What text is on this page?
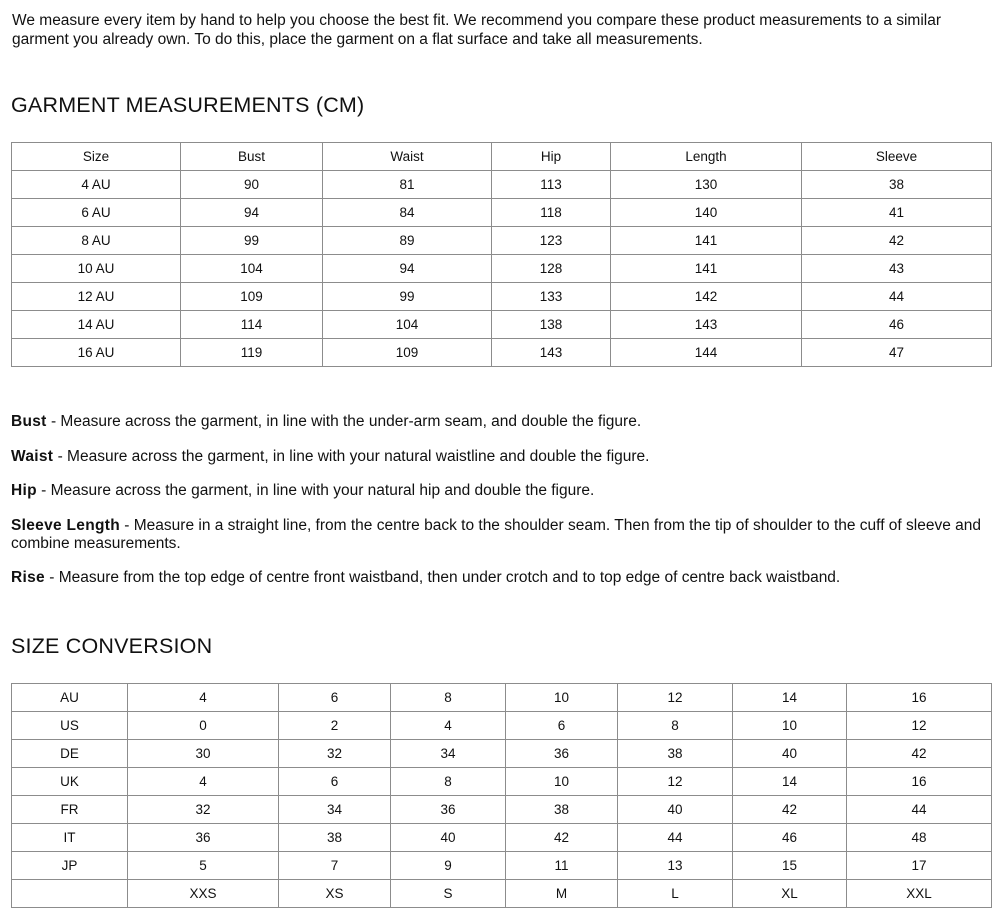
We measure every item by hand to help you choose the best fit. We recommend you compare these product measurements to a similar garment you already own. To do this, place the garment on a flat surface and take all measurements.

GARMENT MEASUREMENTS (CM)
Size	Bust	Waist	Hip	Length	Sleeve
4 AU	90	81	113	130	38
6 AU	94	84	118	140	41
8 AU	99	89	123	141	42
10 AU	104	94	128	141	43
12 AU	109	99	133	142	44
14 AU	114	104	138	143	46
16 AU	119	109	143	144	47

Bust - Measure across the garment, in line with the under-arm seam, and double the figure.

Waist - Measure across the garment, in line with your natural waistline and double the figure.

Hip - Measure across the garment, in line with your natural hip and double the figure.

Sleeve Length - Measure in a straight line, from the centre back to the shoulder seam. Then from the tip of shoulder to the cuff of sleeve and combine measurements.

Rise - Measure from the top edge of centre front waistband, then under crotch and to top edge of centre back waistband.

SIZE CONVERSION
AU	4	6	8	10	12	14	16
US	0	2	4	6	8	10	12
DE	30	32	34	36	38	40	42
UK	4	6	8	10	12	14	16
FR	32	34	36	38	40	42	44
IT	36	38	40	42	44	46	48
JP	5	7	9	11	13	15	17
	XXS	XS	S	M	L	XL	XXL
